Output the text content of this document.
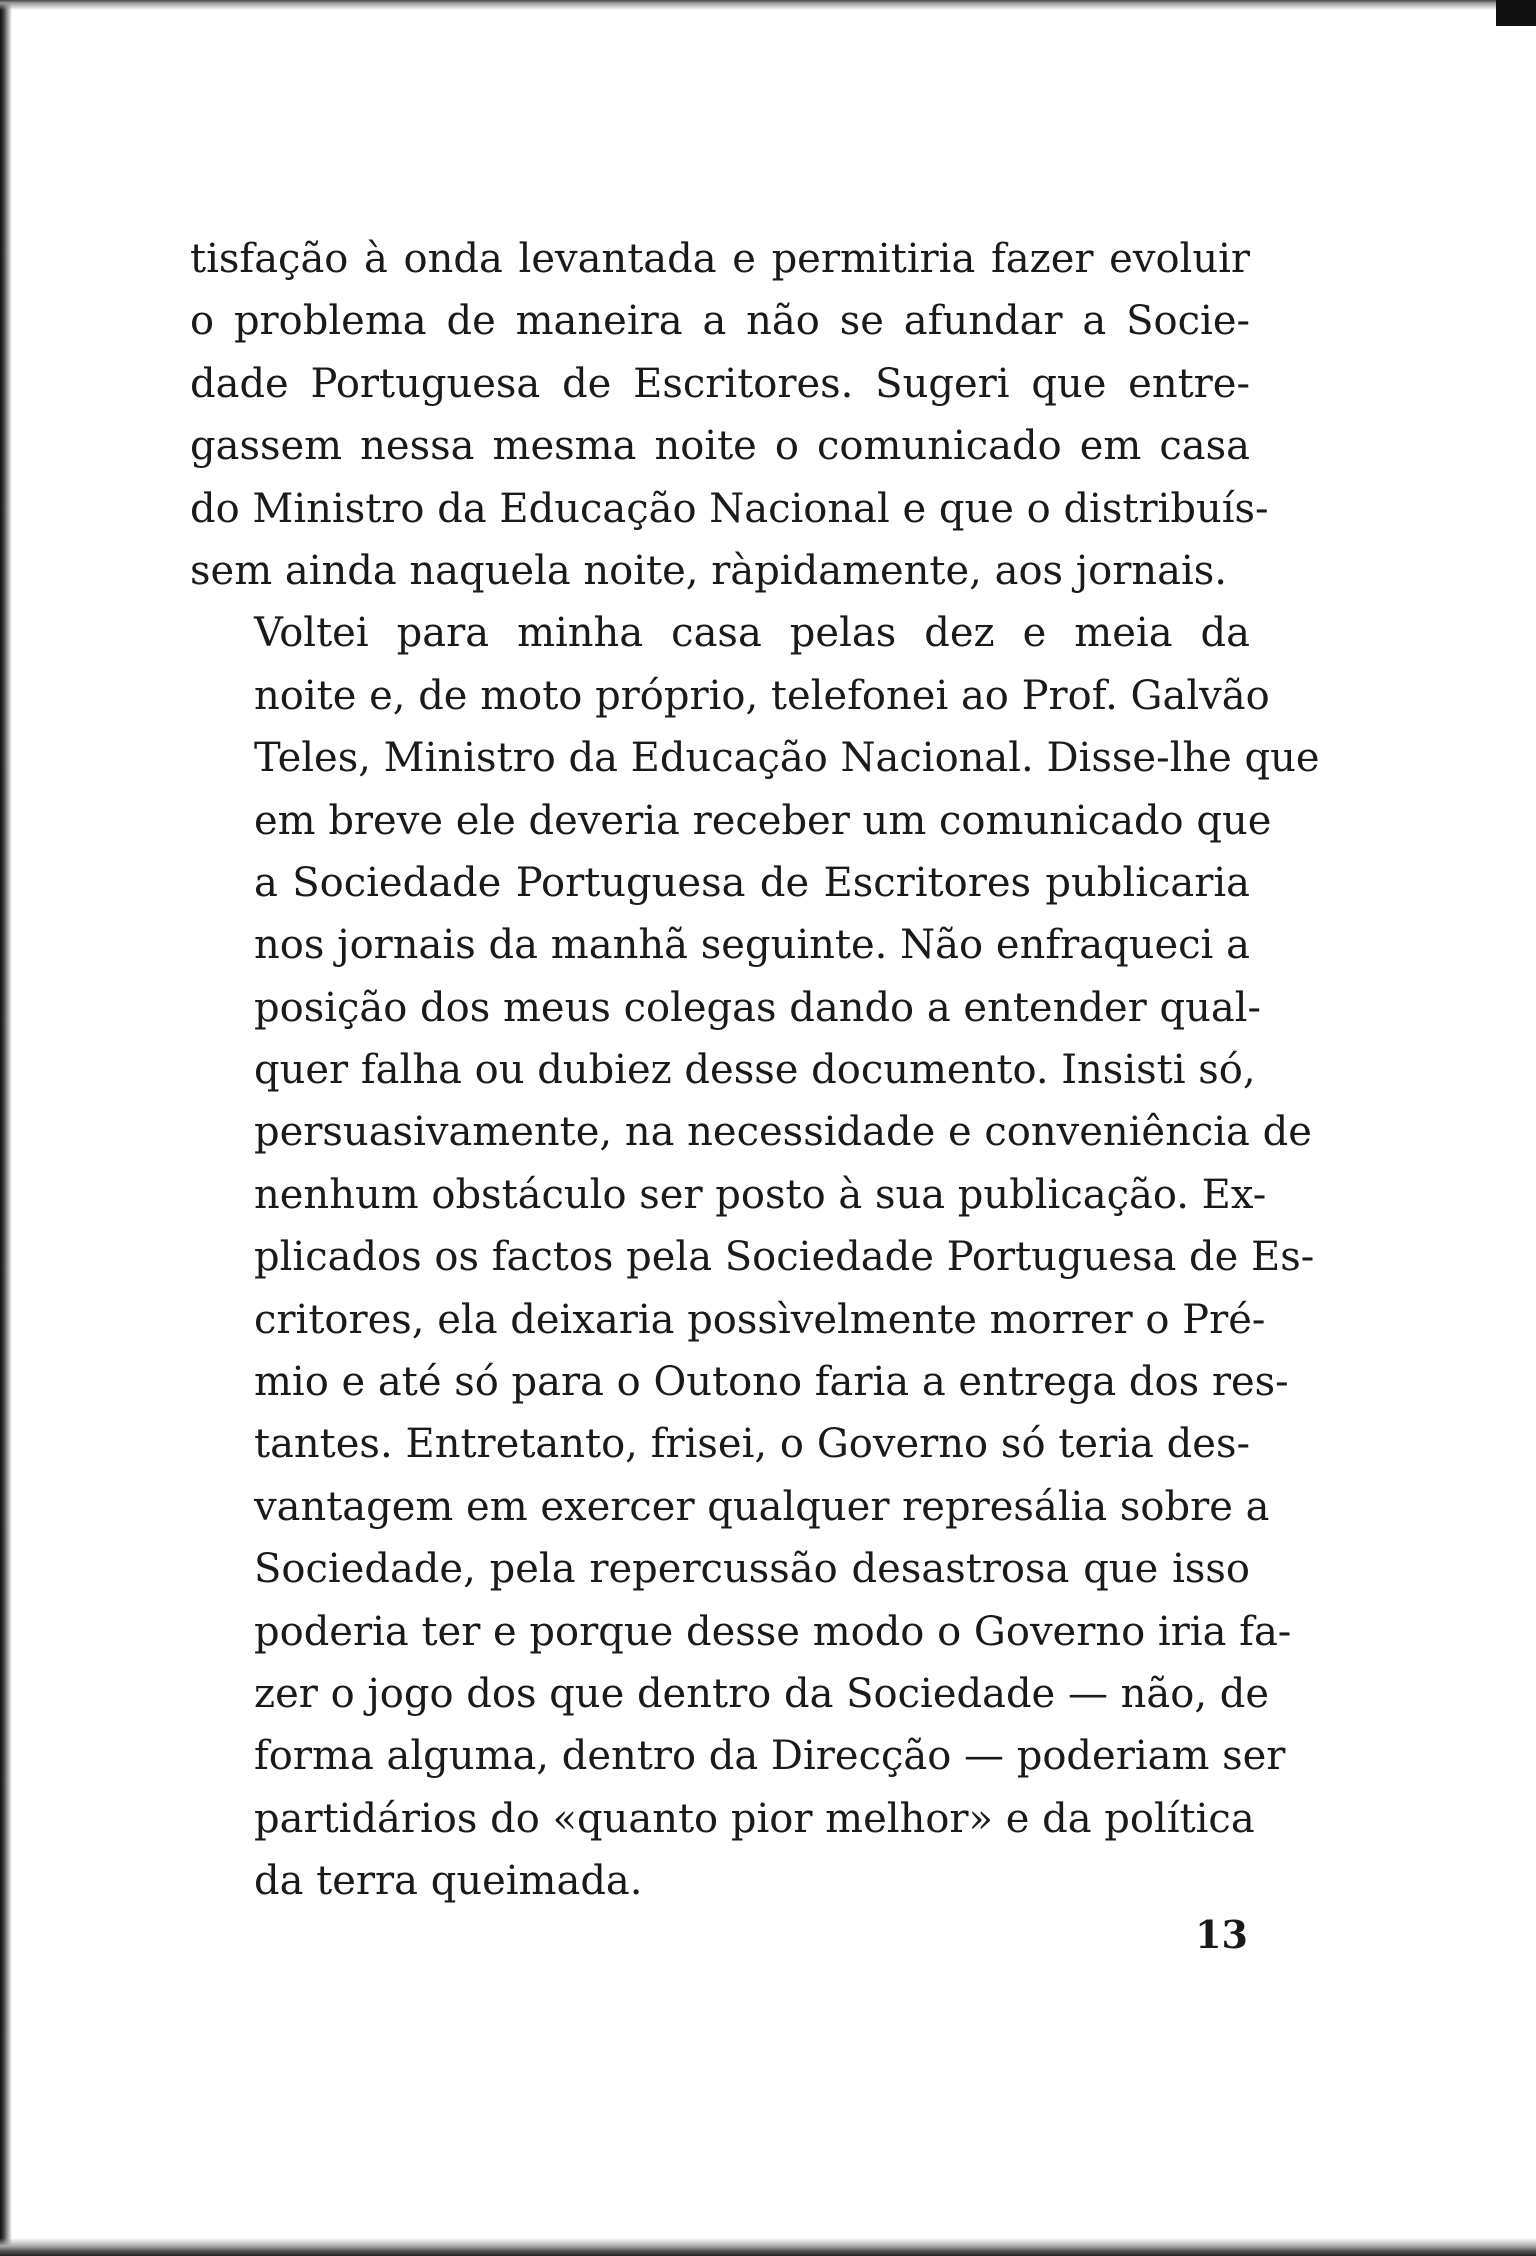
tisfação à onda levantada e permitiria fazer evoluir
o problema de maneira a não se afundar a Socie-
dade Portuguesa de Escritores. Sugeri que entre-
gassem nessa mesma noite o comunicado em casa
do Ministro da Educação Nacional e que o distribuís-
sem ainda naquela noite, ràpidamente, aos jornais.
Voltei para minha casa pelas dez e meia da
noite e, de moto próprio, telefonei ao Prof. Galvão
Teles, Ministro da Educação Nacional. Disse-lhe que
em breve ele deveria receber um comunicado que
a Sociedade Portuguesa de Escritores publicaria
nos jornais da manhã seguinte. Não enfraqueci a
posição dos meus colegas dando a entender qual-
quer falha ou dubiez desse documento. Insisti só,
persuasivamente, na necessidade e conveniência de
nenhum obstáculo ser posto à sua publicação. Ex-
plicados os factos pela Sociedade Portuguesa de Es-
critores, ela deixaria possìvelmente morrer o Pré-
mio e até só para o Outono faria a entrega dos res-
tantes. Entretanto, frisei, o Governo só teria des-
vantagem em exercer qualquer represália sobre a
Sociedade, pela repercussão desastrosa que isso
poderia ter e porque desse modo o Governo iria fa-
zer o jogo dos que dentro da Sociedade — não, de
forma alguma, dentro da Direcção — poderiam ser
partidários do «quanto pior melhor» e da política
da terra queimada.
13
